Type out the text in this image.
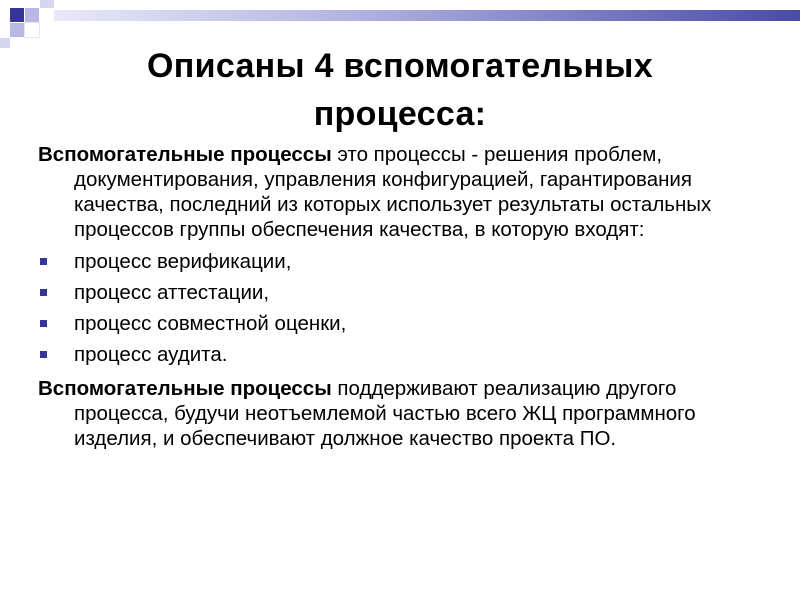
Описаны 4 вспомогательных
процесса:

Вспомогательные процессы это процессы - решения проблем, документирования, управления конфигурацией, гарантирования качества, последний из которых использует результаты остальных процессов группы обеспечения качества, в которую входят:

процесс верификации,
процесс аттестации,
процесс совместной оценки,
процесс аудита.

Вспомогательные процессы поддерживают реализацию другого процесса, будучи неотъемлемой частью всего ЖЦ программного изделия, и обеспечивают должное качество проекта ПО.
